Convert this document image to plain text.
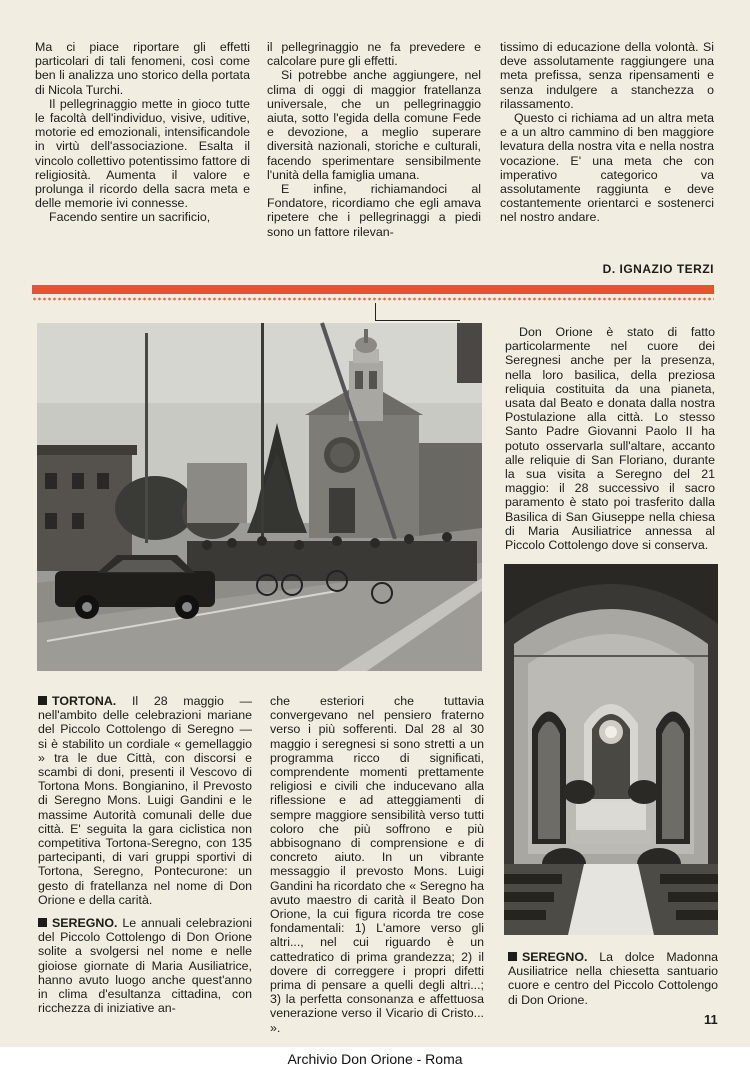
Ma ci piace riportare gli effetti particolari di tali fenomeni, così come ben li analizza uno storico della portata di Nicola Turchi.

Il pellegrinaggio mette in gioco tutte le facoltà dell'individuo, visive, uditive, motorie ed emozionali, intensificandole in virtù dell'associazione. Esalta il vincolo collettivo potentissimo fattore di religiosità. Aumenta il valore e prolunga il ricordo della sacra meta e delle memorie ivi connesse.

Facendo sentire un sacrificio,

il pellegrinaggio ne fa prevedere e calcolare pure gli effetti.

Si potrebbe anche aggiungere, nel clima di oggi di maggior fratellanza universale, che un pellegrinaggio aiuta, sotto l'egida della comune Fede e devozione, a meglio superare diversità nazionali, storiche e culturali, facendo sperimentare sensibilmente l'unità della famiglia umana.

E infine, richiamandoci al Fondatore, ricordiamo che egli amava ripetere che i pellegrinaggi a piedi sono un fattore rilevan-

tissimo di educazione della volontà. Si deve assolutamente raggiungere una meta prefissa, senza ripensamenti e senza indulgere a stanchezza o rilassamento.

Questo ci richiama ad un altra meta e a un altro cammino di ben maggiore levatura della nostra vita e nella nostra vocazione. E' una meta che con imperativo categorico va assolutamente raggiunta e deve costantemente orientarci e sostenerci nel nostro andare.

D. IGNAZIO TERZI

Don Orione è stato di fatto particolarmente nel cuore dei Seregnesi anche per la presenza, nella loro basilica, della preziosa reliquia costituita da una pianeta, usata dal Beato e donata dalla nostra Postulazione alla città. Lo stesso Santo Padre Giovanni Paolo II ha potuto osservarla sull'altare, accanto alle reliquie di San Floriano, durante la sua visita a Seregno del 21 maggio: il 28 successivo il sacro paramento è stato poi trasferito dalla Basilica di San Giuseppe nella chiesa di Maria Ausiliatrice annessa al Piccolo Cottolengo dove si conserva.

TORTONA. Il 28 maggio — nell'ambito delle celebrazioni mariane del Piccolo Cottolengo di Seregno — si è stabilito un cordiale « gemellaggio » tra le due Città, con discorsi e scambi di doni, presenti il Vescovo di Tortona Mons. Bongianino, il Prevosto di Seregno Mons. Luigi Gandini e le massime Autorità comunali delle due città. E' seguita la gara ciclistica non competitiva Tortona-Seregno, con 135 partecipanti, di vari gruppi sportivi di Tortona, Seregno, Pontecurone: un gesto di fratellanza nel nome di Don Orione e della carità.

SEREGNO. Le annuali celebrazioni del Piccolo Cottolengo di Don Orione solite a svolgersi nel nome e nelle gioiose giornate di Maria Ausiliatrice, hanno avuto luogo anche quest'anno in clima d'esultanza cittadina, con ricchezza di iniziative an-

che esteriori che tuttavia convergevano nel pensiero fraterno verso i più sofferenti. Dal 28 al 30 maggio i seregnesi si sono stretti a un programma ricco di significati, comprendente momenti prettamente religiosi e civili che inducevano alla riflessione e ad atteggiamenti di sempre maggiore sensibilità verso tutti coloro che più soffrono e più abbisognano di comprensione e di concreto aiuto. In un vibrante messaggio il prevosto Mons. Luigi Gandini ha ricordato che « Seregno ha avuto maestro di carità il Beato Don Orione, la cui figura ricorda tre cose fondamentali: 1) L'amore verso gli altri..., nel cui riguardo è un cattedratico di prima grandezza; 2) il dovere di correggere i propri difetti prima di pensare a quelli degli altri...; 3) la perfetta consonanza e affettuosa venerazione verso il Vicario di Cristo... ».

SEREGNO. La dolce Madonna Ausiliatrice nella chiesetta santuario cuore e centro del Piccolo Cottolengo di Don Orione.

11
Archivio Don Orione - Roma
